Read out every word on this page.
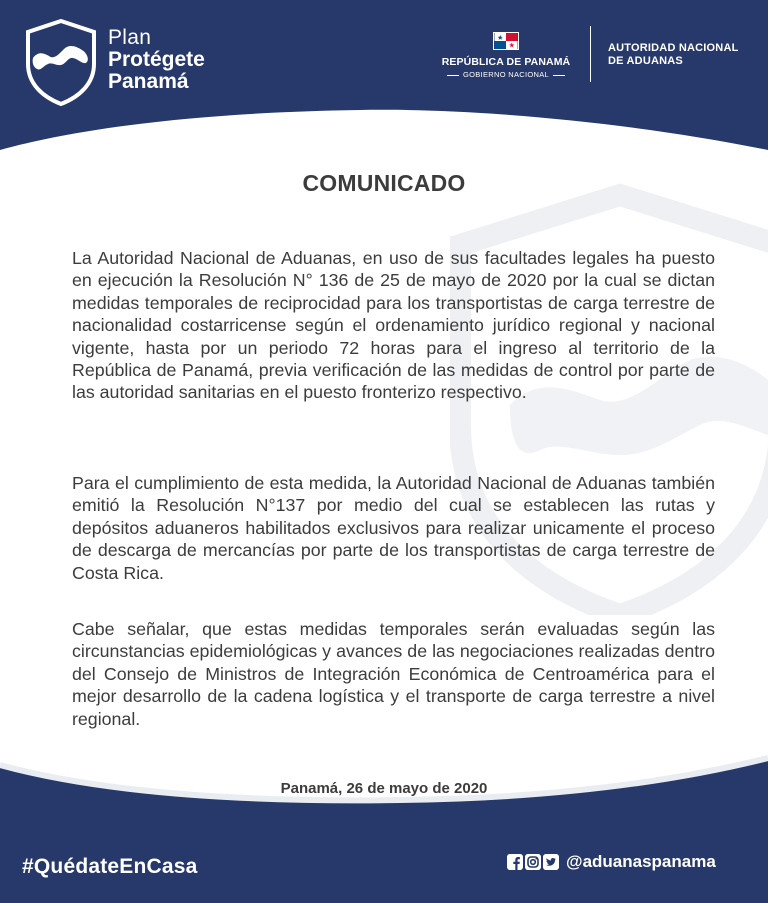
Plan
Protégete
Panamá
REPÚBLICA DE PANAMÁ
GOBIERNO NACIONAL
AUTORIDAD NACIONAL
DE ADUANAS
COMUNICADO

La Autoridad Nacional de Aduanas, en uso de sus facultades legales ha puesto en ejecución la Resolución N° 136 de 25 de mayo de 2020 por la cual se dictan medidas temporales de reciprocidad para los transportistas de carga terrestre de nacionalidad costarricense según el ordenamiento jurídico regional y nacional vigente, hasta por un periodo 72 horas para el ingreso al territorio de la República de Panamá, previa verificación de las medidas de control por parte de las autoridad sanitarias en el puesto fronterizo respectivo.

Para el cumplimiento de esta medida, la Autoridad Nacional de Aduanas también emitió la Resolución N°137 por medio del cual se establecen las rutas y depósitos aduaneros habilitados exclusivos para realizar unicamente el proceso de descarga de mercancías por parte de los transportistas de carga terrestre de Costa Rica.

Cabe señalar, que estas medidas temporales serán evaluadas según las circunstancias epidemiológicas y avances de las negociaciones realizadas dentro del Consejo de Ministros de Integración Económica de Centroamérica para el mejor desarrollo de la cadena logística y el transporte de carga terrestre a nivel regional.

Panamá, 26 de mayo de 2020
#QuédateEnCasa	@aduanaspanama
